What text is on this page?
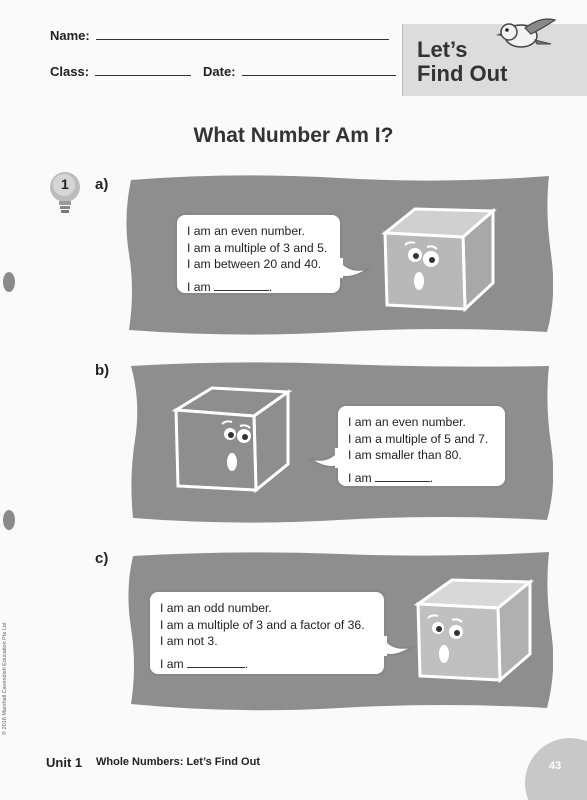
Name:
Class:	Date:
Let’s
Find Out
What Number Am I?
1 a)

I am an even number.

I am a multiple of 3 and 5.

I am between 20 and 40.

I am	.

b)

I am an even number.

I am a multiple of 5 and 7.

I am smaller than 80.

I am	.

c)

I am an odd number.

I am a multiple of 3 and a factor of 36.

I am not 3.

I am	.

© 2016 Marshall Cavendish Education Pte Ltd
Unit 1 Whole Numbers: Let’s Find Out	43
